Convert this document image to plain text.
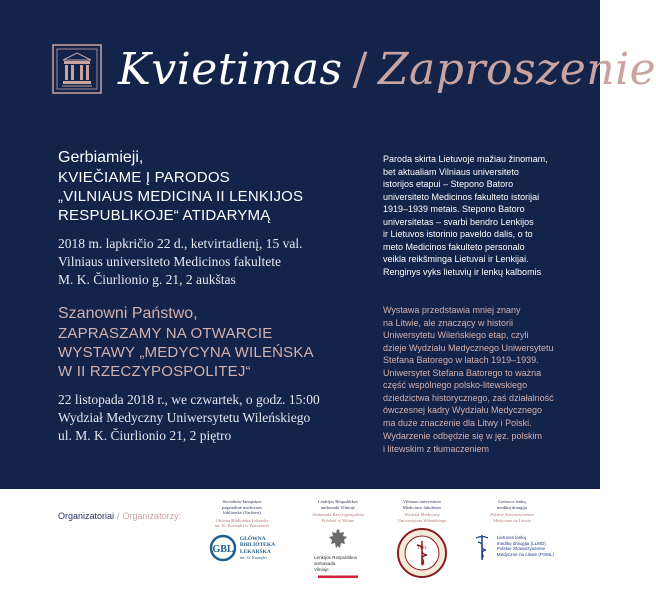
Kvietimas / Zaproszenie

Gerbiamieji,

KVIEČIAME Į PARODOS

„VILNIAUS MEDICINA II LENKIJOS

RESPUBLIKOJE“ ATIDARYMĄ

2018 m. lapkričio 22 d., ketvirtadienį, 15 val.
Vilniaus universiteto Medicinos fakultete
M. K. Čiurlionio g. 21, 2 aukštas
Paroda skirta Lietuvoje mažiau žinomam,
bet aktualiam Vilniaus universiteto
istorijos etapui – Stepono Batoro
universiteto Medicinos fakulteto istorijai
1919–1939 metais. Stepono Batoro
universitetas – svarbi bendro Lenkijos
ir Lietuvos istorinio paveldo dalis, o to
meto Medicinos fakulteto personalo
veikla reikšminga Lietuvai ir Lenkijai.
Renginys vyks lietuvių ir lenkų kalbomis

Szanowni Państwo,

ZAPRASZAMY NA OTWARCIE

WYSTAWY „MEDYCYNA WILEŃSKA

W II RZECZYPOSPOLITEJ“

22 listopada 2018 r., we czwartek, o godz. 15:00
Wydział Medyczny Uniwersytetu Wileńskiego
ul. M. K. Čiurlionio 21, 2 piętro
Wystawa przedstawia mniej znany
na Litwie, ale znaczący w historii
Uniwersytetu Wileńskiego etap, czyli
dzieje Wydziału Medycznego Uniwersytetu
Stefana Batorego w latach 1919–1939.
Uniwersytet Stefana Batorego to ważna
część wspólnego polsko-litewskiego
dziedzictwa historycznego, zaś działalność
ówczesnej kadry Wydziału Medycznego
ma duże znaczenie dla Litwy i Polski.
Wydarzenie odbędzie się w jęz. polskim
i litewskim z tłumaczeniem
Organizatoriai / Organizatorzy:
Socialinio-kinopskoe
pagrindinė medicinos
biblioteka (Varšuva)
Główna Biblioteka Lekarska
im. St. Konopki w Warszawie
GBL
GŁÓWNA
BIBLIOTEKA
LEKARSKA
im. St. Konopki
Lenkijos Respublikos
ambasada Vilniuje
Ambasada Rzeczypospolitej
Polskiej w Wilnie
Lenkijos Respublikos
ambasada
Vilniuje
Vilniaus universiteto
Medicinos fakultetas
Wydział Medyczny
Uniwersytetu Wileńskiego
1781
Lietuvos lenkų
medikų draugija
Polskie Stowarzyszenie
Medyczne na Litwie
Lietuvos lenkų
medikų draugija (LLMD)
Polskie Stowarzyszenie
Medyczne na Litwie (PSML)
